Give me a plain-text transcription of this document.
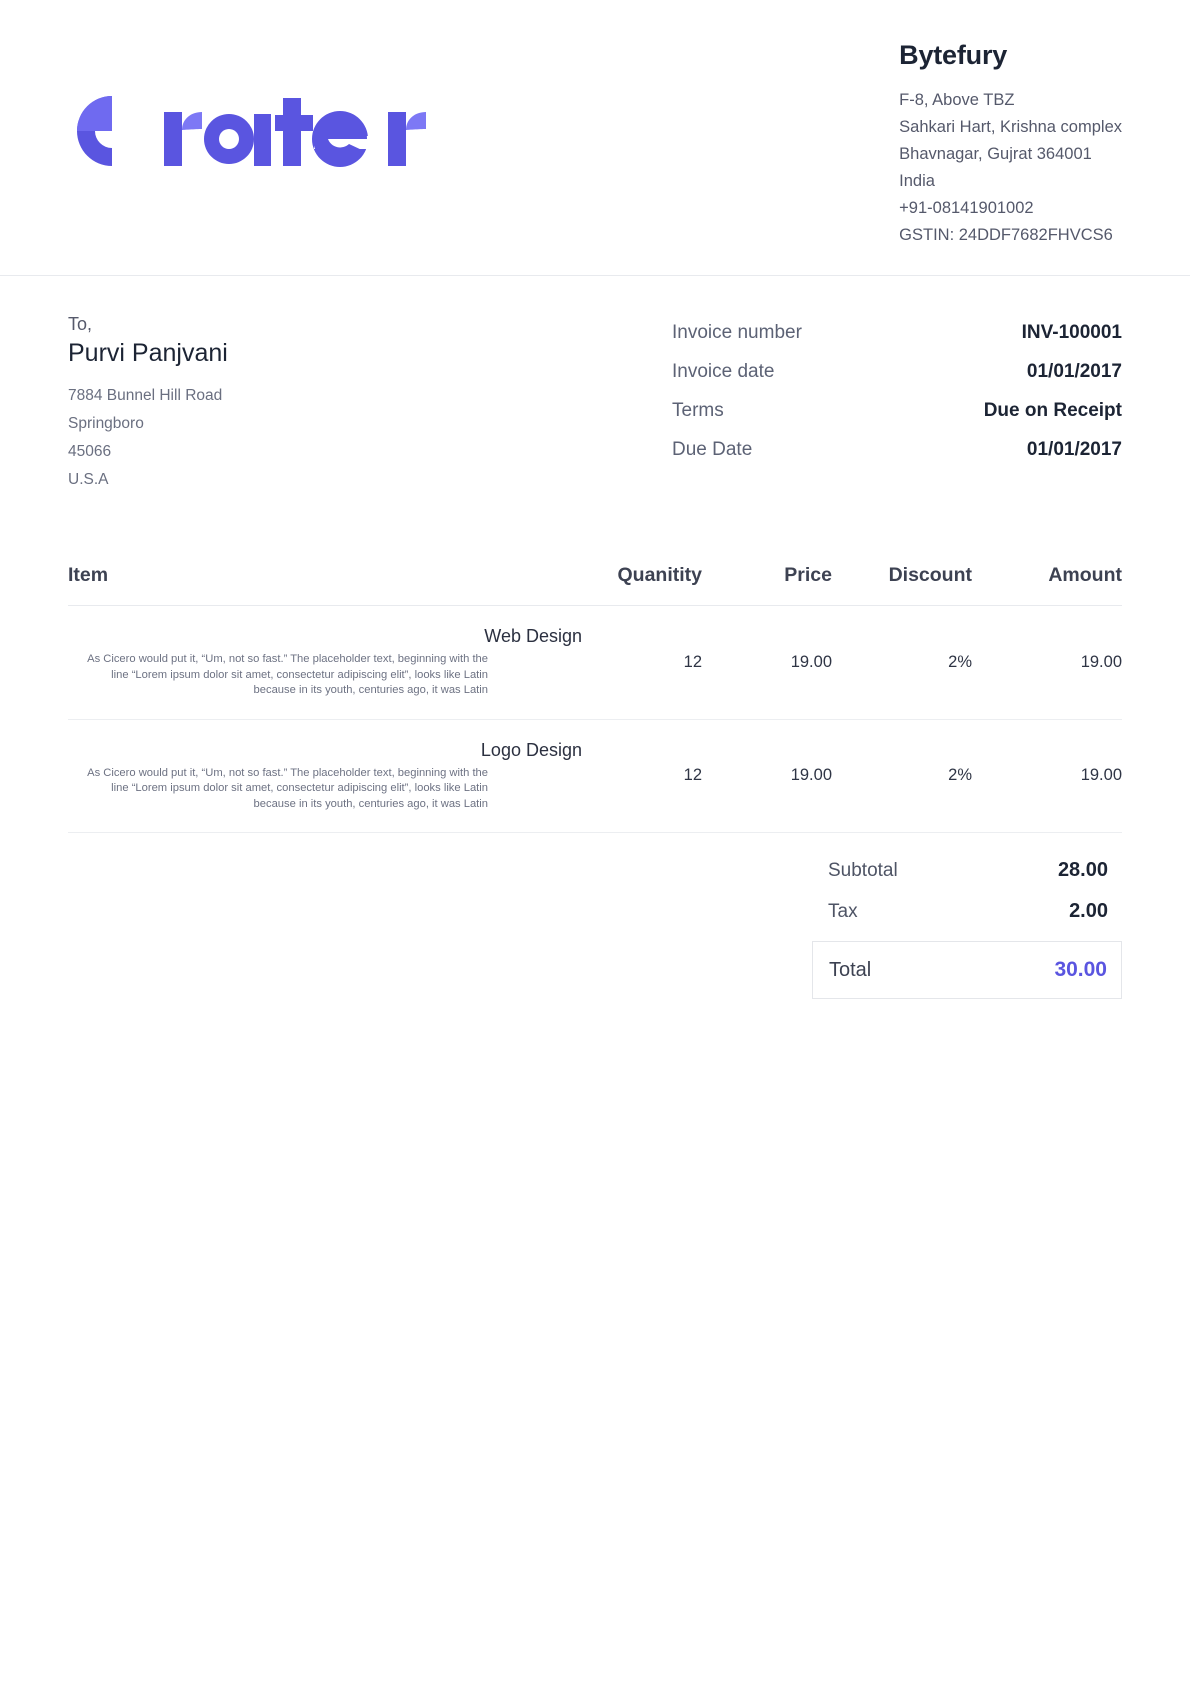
Bytefury
F-8, Above TBZ
Sahkari Hart, Krishna complex
Bhavnagar, Gujrat 364001
India
+91-08141901002
GSTIN: 24DDF7682FHVCS6
To,
Purvi Panjvani
7884 Bunnel Hill Road
Springboro
45066
U.S.A
Invoice number	INV-100001
Invoice date	01/01/2017
Terms	Due on Receipt
Due Date	01/01/2017
Item	Quanitity	Price	Discount	Amount

Web Design
As Cicero would put it, “Um, not so fast.” The placeholder text, beginning with the line “Lorem ipsum dolor sit amet, consectetur adipiscing elit”, looks like Latin because in its youth, centuries ago, it was Latin	12	19.00	2%	19.00

Logo Design
As Cicero would put it, “Um, not so fast.” The placeholder text, beginning with the line “Lorem ipsum dolor sit amet, consectetur adipiscing elit”, looks like Latin because in its youth, centuries ago, it was Latin	12	19.00	2%	19.00
Subtotal	28.00
Tax	2.00
Total	30.00
